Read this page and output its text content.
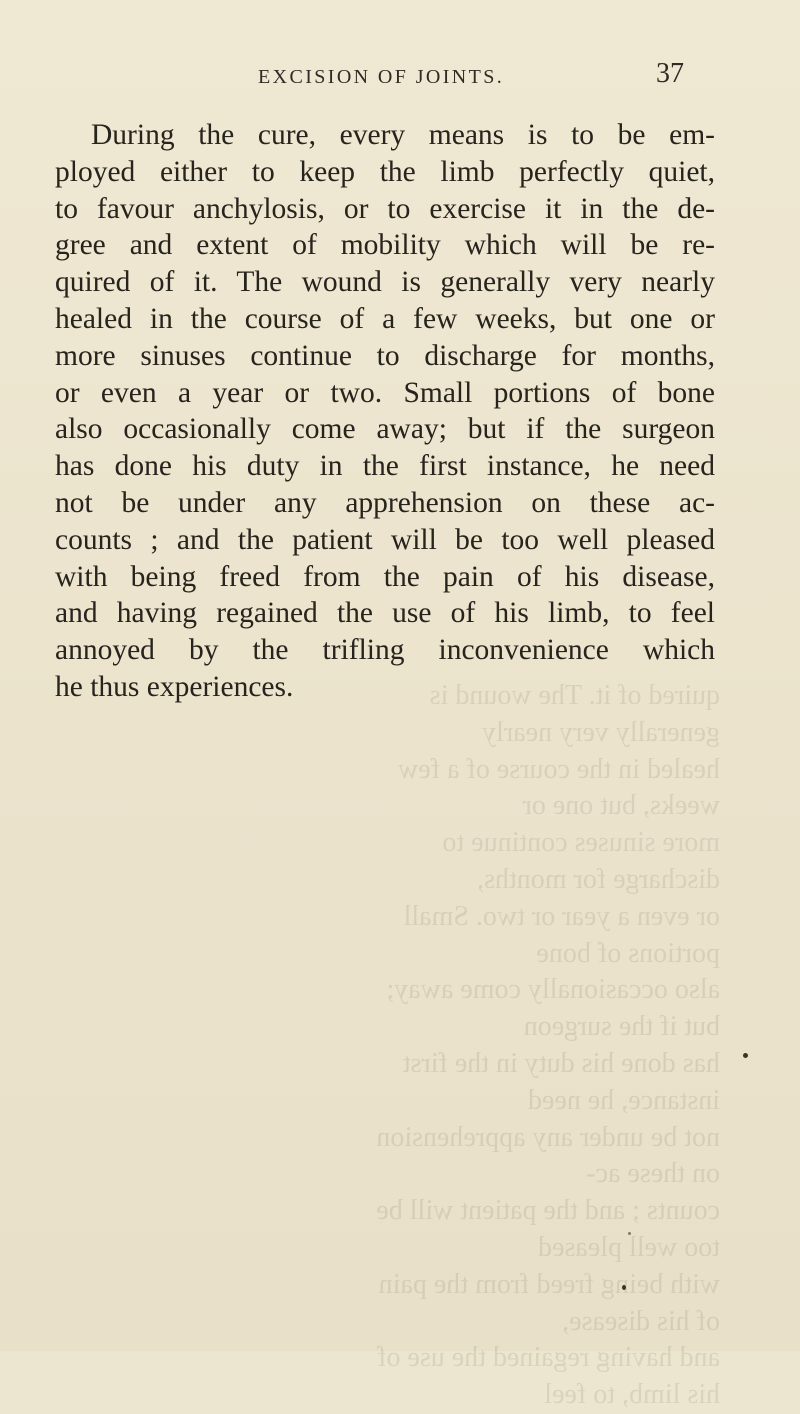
EXCISION OF JOINTS.	37
During the cure, every means is to be em-
ployed either to keep the limb perfectly quiet,
to favour anchylosis, or to exercise it in the de-
gree and extent of mobility which will be re-
quired of it. The wound is generally very nearly
healed in the course of a few weeks, but one or
more sinuses continue to discharge for months,
or even a year or two. Small portions of bone
also occasionally come away; but if the surgeon
has done his duty in the first instance, he need
not be under any apprehension on these ac-
counts ; and the patient will be too well pleased
with being freed from the pain of his disease,
and having regained the use of his limb, to feel
annoyed by the trifling inconvenience which
he thus experiences.	quired of it. The wound is generally very nearly
healed in the course of a few weeks, but one or
more sinuses continue to discharge for months,
or even a year or two. Small portions of bone
also occasionally come away; but if the surgeon
has done his duty in the first instance, he need
not be under any apprehension on these ac-
counts ; and the patient will be too well pleased
with being freed from the pain of his disease,
and having regained the use of his limb, to feel
